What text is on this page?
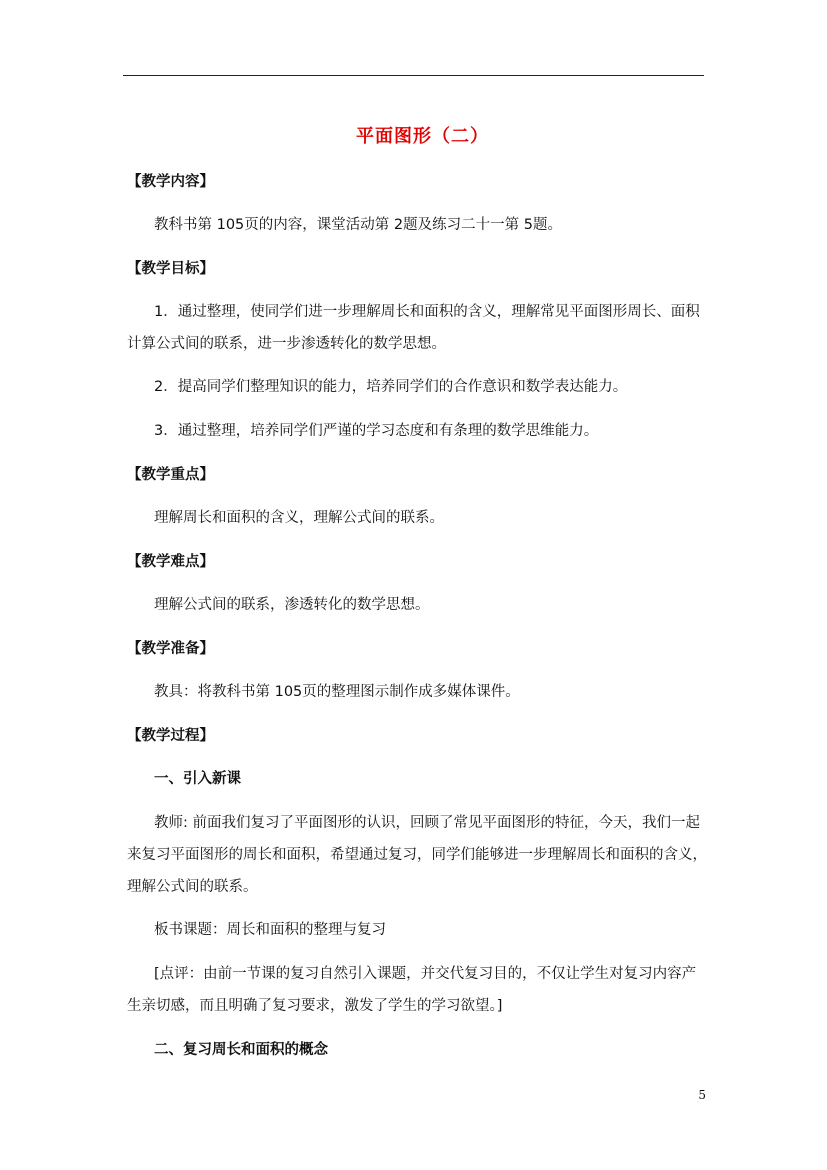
平面图形（二）
【教学内容】
教科书第 105页的内容，课堂活动第 2题及练习二十一第 5题。
【教学目标】
1．通过整理，使同学们进一步理解周长和面积的含义，理解常见平面图形周长、面积
计算公式间的联系，进一步渗透转化的数学思想。
2．提高同学们整理知识的能力，培养同学们的合作意识和数学表达能力。
3．通过整理，培养同学们严谨的学习态度和有条理的数学思维能力。
【教学重点】
理解周长和面积的含义，理解公式间的联系。
【教学难点】
理解公式间的联系，渗透转化的数学思想。
【教学准备】
教具：将教科书第 105页的整理图示制作成多媒体课件。
【教学过程】
一、引入新课
教师: 前面我们复习了平面图形的认识，回顾了常见平面图形的特征，今天，我们一起
来复习平面图形的周长和面积，希望通过复习，同学们能够进一步理解周长和面积的含义，
理解公式间的联系。
板书课题：周长和面积的整理与复习
[点评：由前一节课的复习自然引入课题，并交代复习目的，不仅让学生对复习内容产
生亲切感，而且明确了复习要求，激发了学生的学习欲望。]
二、复习周长和面积的概念
5
